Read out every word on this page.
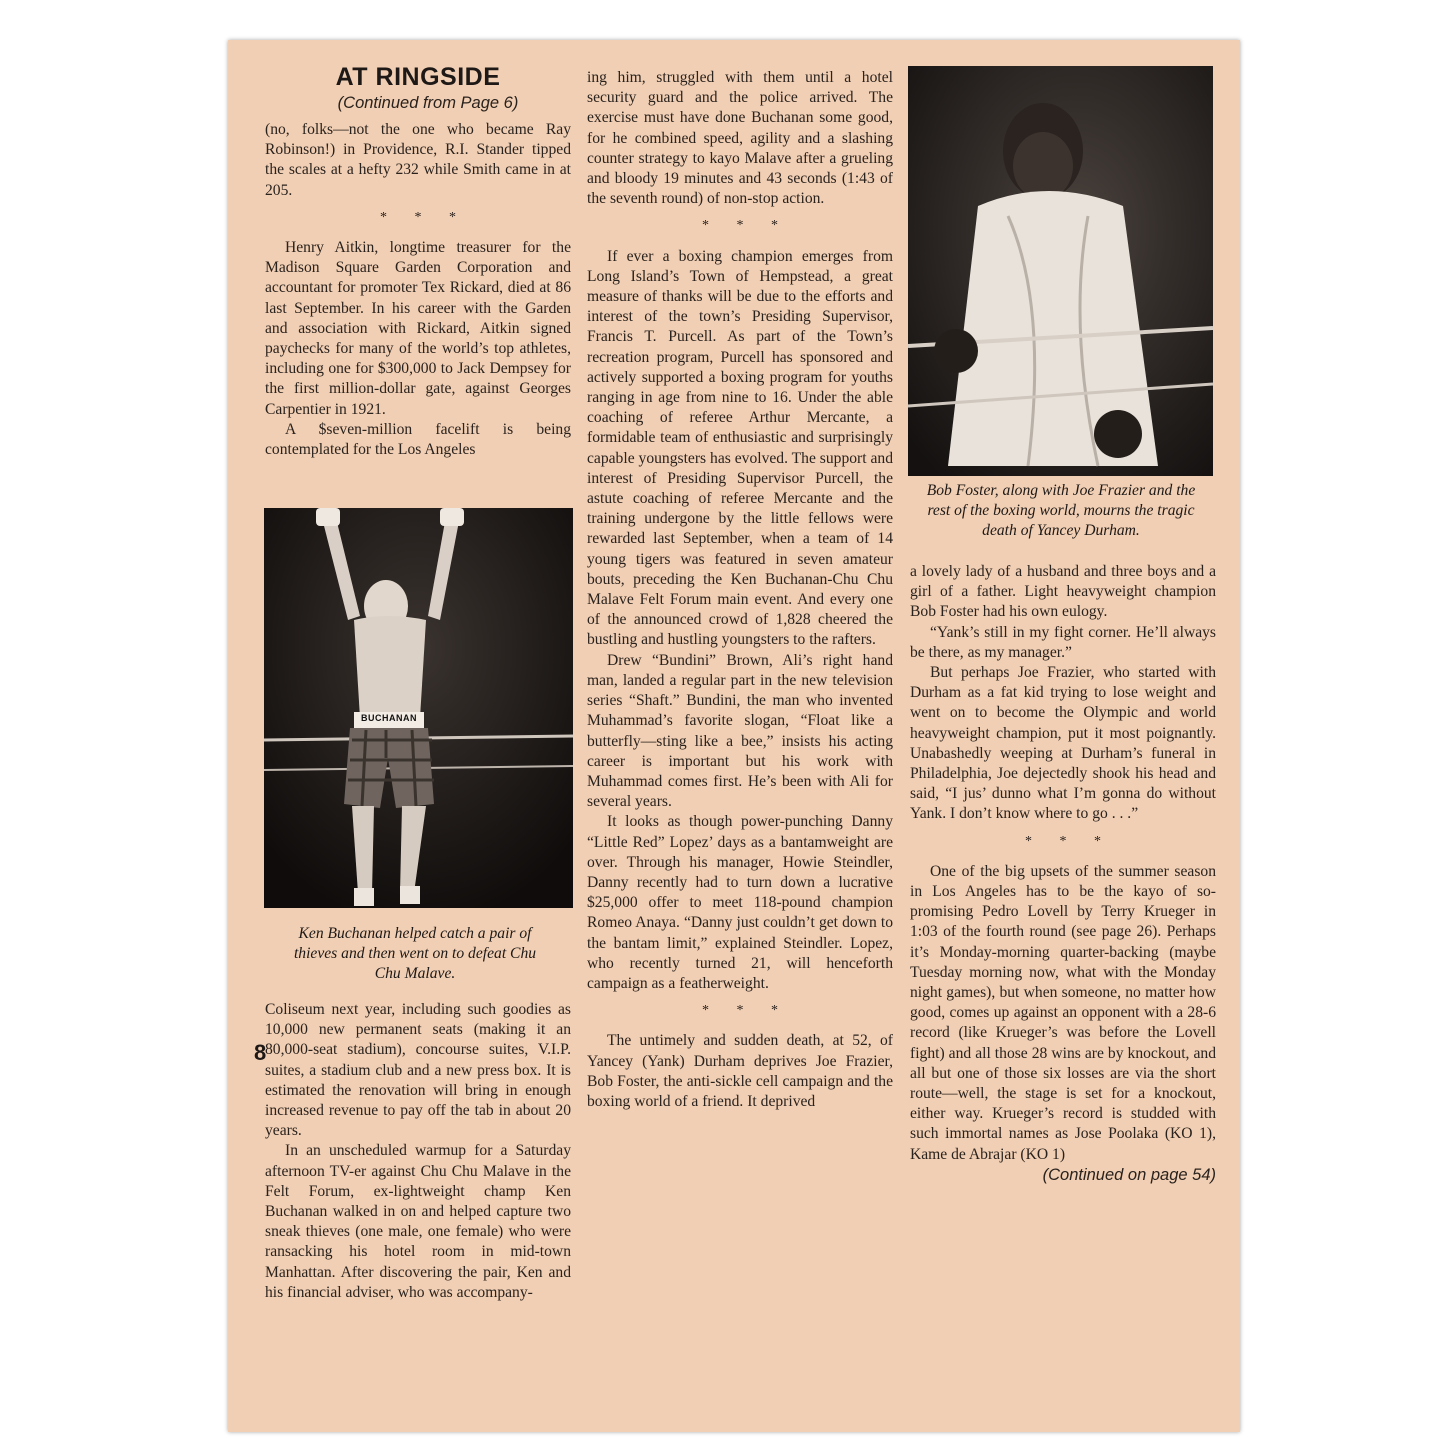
AT RINGSIDE
(Continued from Page 6)

(no, folks—not the one who became Ray Robinson!) in Providence, R.I. Stander tipped the scales at a hefty 232 while Smith came in at 205.

* * *

Henry Aitkin, longtime treasurer for the Madison Square Garden Corporation and accountant for promoter Tex Rickard, died at 86 last September. In his career with the Garden and association with Rickard, Aitkin signed paychecks for many of the world’s top athletes, including one for $300,000 to Jack Dempsey for the first million-dollar gate, against Georges Carpentier in 1921.

A $seven-million facelift is being contemplated for the Los Angeles

BUCHANAN
Ken Buchanan helped catch a pair of thieves and then went on to defeat Chu Chu Malave.

Coliseum next year, including such goodies as 10,000 new permanent seats (making it an 80,000-seat stadium), concourse suites, V.I.P. suites, a stadium club and a new press box. It is estimated the renovation will bring in enough increased revenue to pay off the tab in about 20 years.

In an unscheduled warmup for a Saturday afternoon TV-er against Chu Chu Malave in the Felt Forum, ex-lightweight champ Ken Buchanan walked in on and helped capture two sneak thieves (one male, one female) who were ransacking his hotel room in mid-town Manhattan. After discovering the pair, Ken and his financial adviser, who was accompany-

ing him, struggled with them until a hotel security guard and the police arrived. The exercise must have done Buchanan some good, for he combined speed, agility and a slashing counter strategy to kayo Malave after a grueling and bloody 19 minutes and 43 seconds (1:43 of the seventh round) of non-stop action.

* * *

If ever a boxing champion emerges from Long Island’s Town of Hempstead, a great measure of thanks will be due to the efforts and interest of the town’s Presiding Supervisor, Francis T. Purcell. As part of the Town’s recreation program, Purcell has sponsored and actively supported a boxing program for youths ranging in age from nine to 16. Under the able coaching of referee Arthur Mercante, a formidable team of enthusiastic and surprisingly capable youngsters has evolved. The support and interest of Presiding Supervisor Purcell, the astute coaching of referee Mercante and the training undergone by the little fellows were rewarded last September, when a team of 14 young tigers was featured in seven amateur bouts, preceding the Ken Buchanan-Chu Chu Malave Felt Forum main event. And every one of the announced crowd of 1,828 cheered the bustling and hustling youngsters to the rafters.

Drew “Bundini” Brown, Ali’s right hand man, landed a regular part in the new television series “Shaft.” Bundini, the man who invented Muhammad’s favorite slogan, “Float like a butterfly—sting like a bee,” insists his acting career is important but his work with Muhammad comes first. He’s been with Ali for several years.

It looks as though power-punching Danny “Little Red” Lopez’ days as a bantamweight are over. Through his manager, Howie Steindler, Danny recently had to turn down a lucrative $25,000 offer to meet 118-pound champion Romeo Anaya. “Danny just couldn’t get down to the bantam limit,” explained Steindler. Lopez, who recently turned 21, will henceforth campaign as a featherweight.

* * *

The untimely and sudden death, at 52, of Yancey (Yank) Durham deprives Joe Frazier, Bob Foster, the anti-sickle cell campaign and the boxing world of a friend. It deprived

Bob Foster, along with Joe Frazier and the rest of the boxing world, mourns the tragic death of Yancey Durham.

a lovely lady of a husband and three boys and a girl of a father. Light heavyweight champion Bob Foster had his own eulogy.

“Yank’s still in my fight corner. He’ll always be there, as my manager.”

But perhaps Joe Frazier, who started with Durham as a fat kid trying to lose weight and went on to become the Olympic and world heavyweight champion, put it most poignantly. Unabashedly weeping at Durham’s funeral in Philadelphia, Joe dejectedly shook his head and said, “I jus’ dunno what I’m gonna do without Yank. I don’t know where to go . . .”

* * *

One of the big upsets of the summer season in Los Angeles has to be the kayo of so-promising Pedro Lovell by Terry Krueger in 1:03 of the fourth round (see page 26). Perhaps it’s Monday-morning quarter-backing (maybe Tuesday morning now, what with the Monday night games), but when someone, no matter how good, comes up against an opponent with a 28-6 record (like Krueger’s was before the Lovell fight) and all those 28 wins are by knockout, and all but one of those six losses are via the short route—well, the stage is set for a knockout, either way. Krueger’s record is studded with such immortal names as Jose Poolaka (KO 1), Kame de Abrajar (KO 1)

(Continued on page 54)
8
